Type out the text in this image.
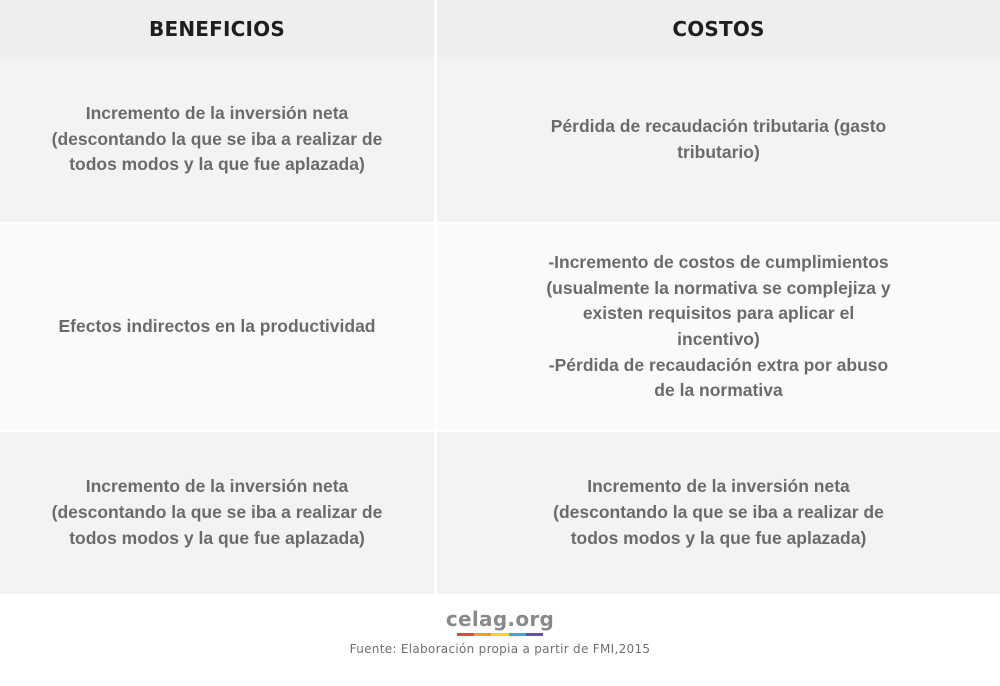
BENEFICIOS	COSTOS
Incremento de la inversión neta (descontando la que se iba a realizar de todos modos y la que fue aplazada)
Pérdida de recaudación tributaria (gasto tributario)
Efectos indirectos en la productividad
-Incremento de costos de cumplimientos (usualmente la normativa se complejiza y existen requisitos para aplicar el incentivo)
-Pérdida de recaudación extra por abuso de la normativa
Incremento de la inversión neta (descontando la que se iba a realizar de todos modos y la que fue aplazada)
Incremento de la inversión neta (descontando la que se iba a realizar de todos modos y la que fue aplazada)
celag.org
Fuente: Elaboración propia a partir de FMI,2015
